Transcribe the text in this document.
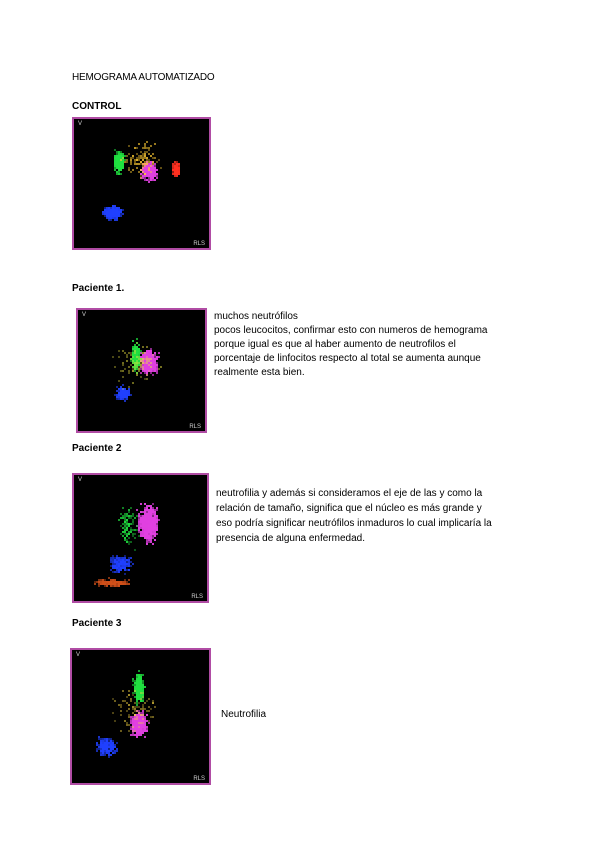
HEMOGRAMA AUTOMATIZADO
CONTROL
V
RLS
Paciente 1.
V
RLS
muchos neutrófilos
pocos leucocitos, confirmar esto con numeros de hemograma
porque igual es que al haber aumento de neutrofilos el
porcentaje de linfocitos respecto al total se aumenta aunque
realmente esta bien.
Paciente 2
V
RLS
neutrofilia y además si consideramos el eje de las y como la
relación de tamaño, significa que el núcleo es más grande y
eso podría significar neutrófilos inmaduros lo cual implicaría la
presencia de alguna enfermedad.
Paciente 3
V
RLS
Neutrofilia
